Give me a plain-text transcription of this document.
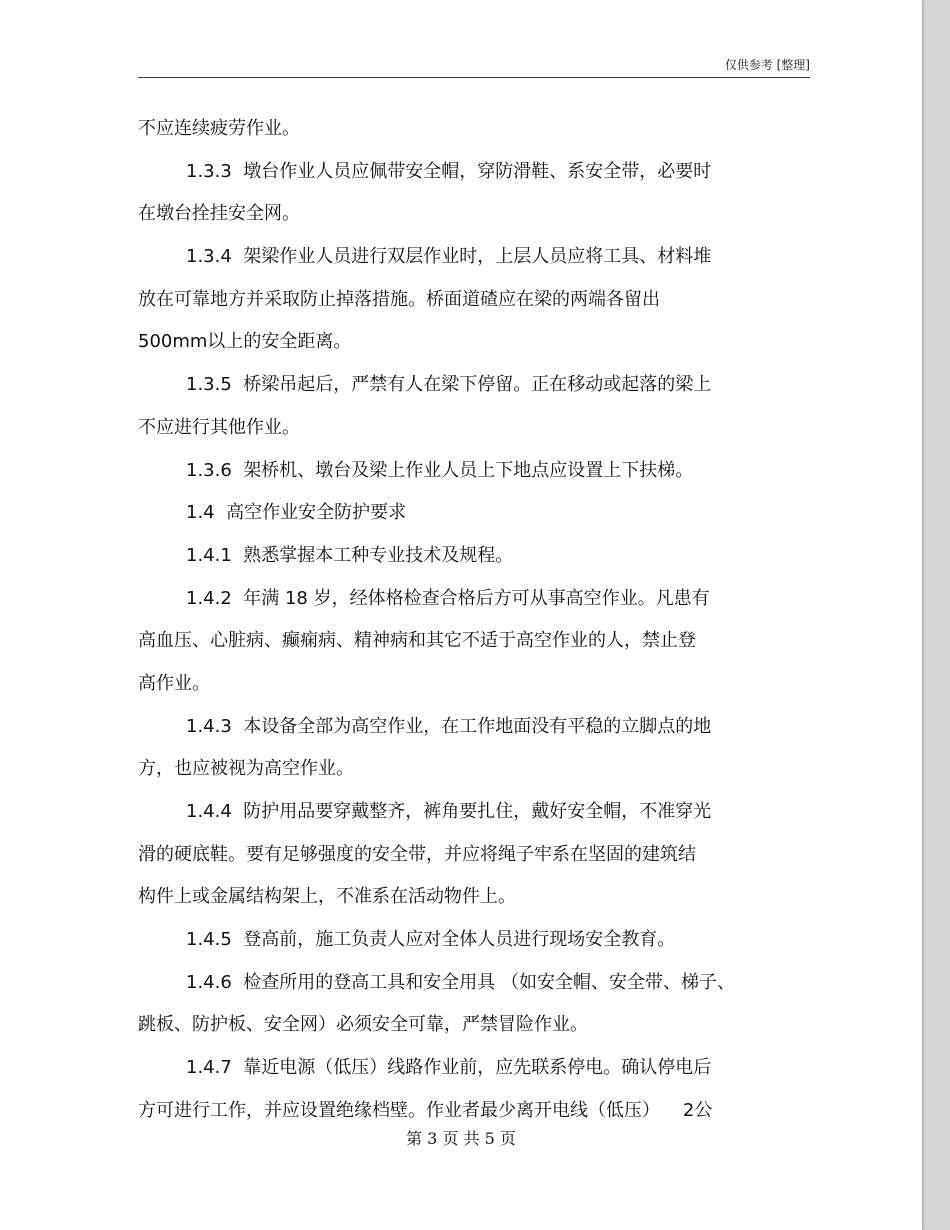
仅供参考 [整理]
不应连续疲劳作业。
1.3.3  墩台作业人员应佩带安全帽，穿防滑鞋、系安全带，必要时
在墩台拴挂安全网。
1.3.4  架梁作业人员进行双层作业时，上层人员应将工具、材料堆
放在可靠地方并采取防止掉落措施。桥面道碴应在梁的两端各留出
500mm以上的安全距离。
1.3.5  桥梁吊起后，严禁有人在梁下停留。正在移动或起落的梁上
不应进行其他作业。
1.3.6  架桥机、墩台及梁上作业人员上下地点应设置上下扶梯。
1.4  高空作业安全防护要求
1.4.1  熟悉掌握本工种专业技术及规程。
1.4.2  年满 18 岁，经体格检查合格后方可从事高空作业。凡患有
高血压、心脏病、癫痫病、精神病和其它不适于高空作业的人，禁止登
高作业。
1.4.3  本设备全部为高空作业，在工作地面没有平稳的立脚点的地
方，也应被视为高空作业。
1.4.4  防护用品要穿戴整齐，裤角要扎住，戴好安全帽，不准穿光
滑的硬底鞋。要有足够强度的安全带，并应将绳子牢系在坚固的建筑结
构件上或金属结构架上，不准系在活动物件上。
1.4.5  登高前，施工负责人应对全体人员进行现场安全教育。
1.4.6  检查所用的登高工具和安全用具 （如安全帽、安全带、梯子、
跳板、防护板、安全网）必须安全可靠，严禁冒险作业。
1.4.7  靠近电源（低压）线路作业前，应先联系停电。确认停电后
方可进行工作，并应设置绝缘档壁。作业者最少离开电线（低压）    2公
第 3 页 共 5 页
